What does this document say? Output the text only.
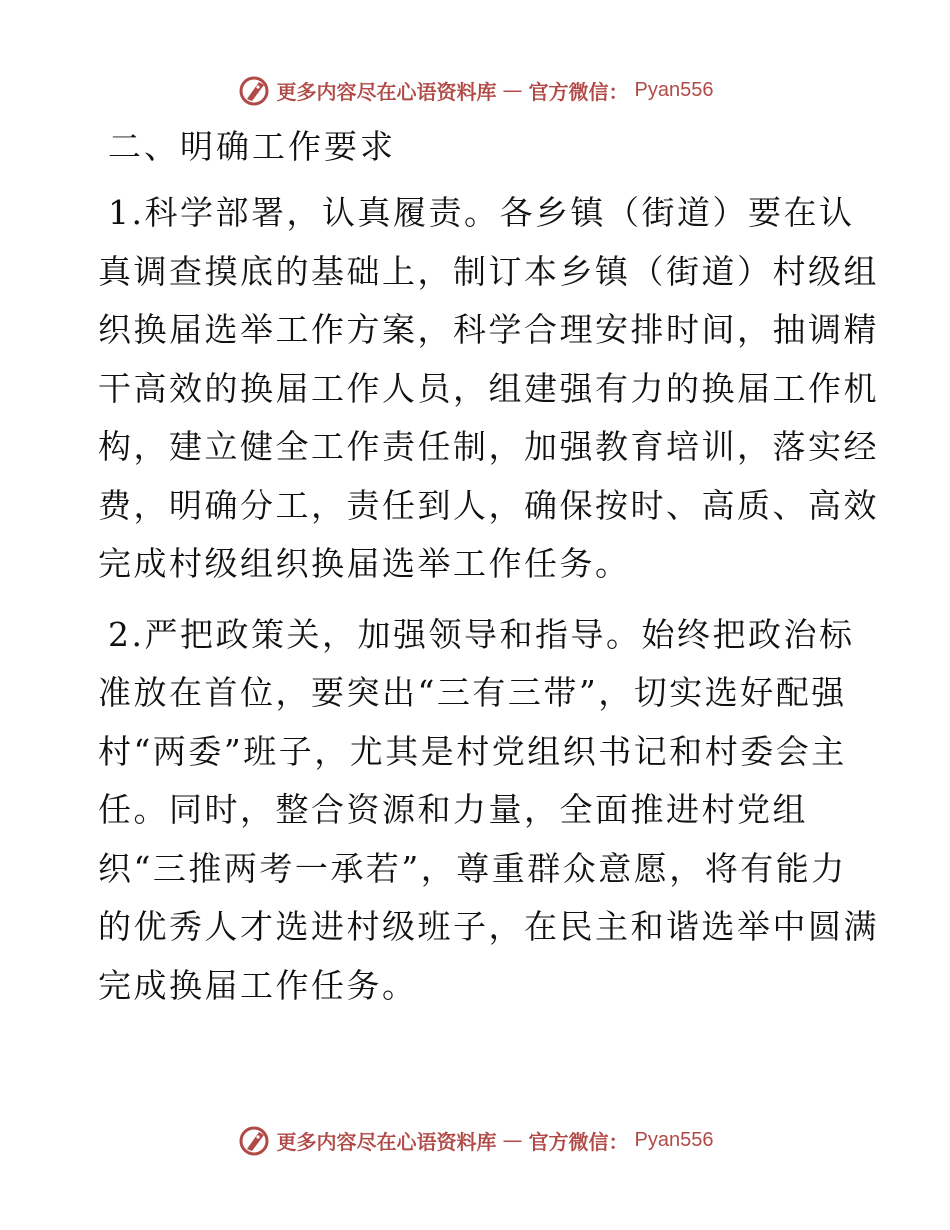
更多内容尽在心语资料库 — 官方微信： Pyan556
二、明确工作要求
1.科学部署，认真履责。各乡镇（街道）要在认
真调查摸底的基础上，制订本乡镇（街道）村级组
织换届选举工作方案，科学合理安排时间，抽调精
干高效的换届工作人员，组建强有力的换届工作机
构，建立健全工作责任制，加强教育培训，落实经
费，明确分工，责任到人，确保按时、高质、高效
完成村级组织换届选举工作任务。
2.严把政策关，加强领导和指导。始终把政治标
准放在首位，要突出“三有三带”，切实选好配强
村“两委”班子，尤其是村党组织书记和村委会主
任。同时，整合资源和力量，全面推进村党组
织“三推两考一承若”，尊重群众意愿，将有能力
的优秀人才选进村级班子，在民主和谐选举中圆满
完成换届工作任务。
更多内容尽在心语资料库 — 官方微信： Pyan556
